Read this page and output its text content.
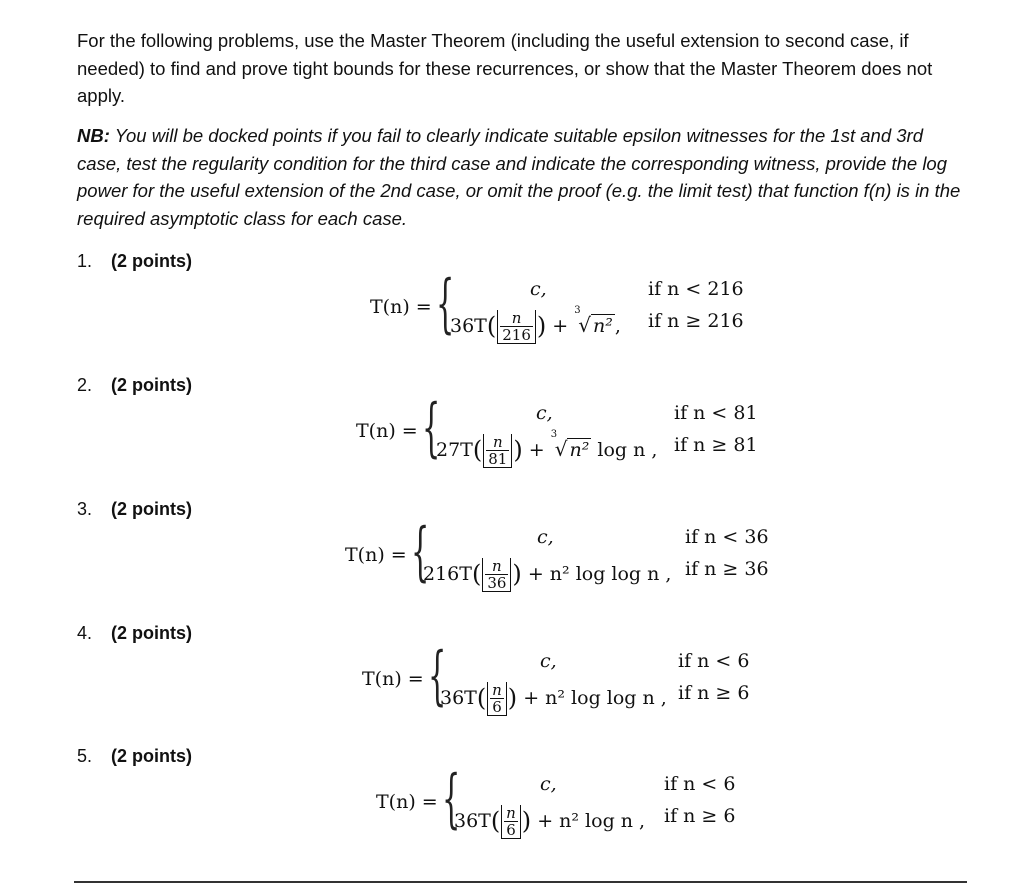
For the following problems, use the Master Theorem (including the useful extension to second case, if needed) to find and prove tight bounds for these recurrences, or show that the Master Theorem does not apply.
NB: You will be docked points if you fail to clearly indicate suitable epsilon witnesses for the 1st and 3rd case, test the regularity condition for the third case and indicate the corresponding witness, provide the log power for the useful extension of the 2nd case, or omit the proof (e.g. the limit test) that function f(n) is in the required asymptotic class for each case.
1. (2 points)
T(n) = {	c,	if n < 216
$36T( \frac{n}{216}$ ) +
3
√ n² , if n ≥ 216
2. (2 points)
T(n) = {	c,	if n < 81
$27T( \frac{n}{81}$ ) +
3
√ n² log n , if n ≥ 81
3. (2 points)
T(n) = {	c,	if n < 36
$216T( \frac{n}{36}$ ) + n² log log n , if n ≥ 36
4. (2 points)
T(n) = {	c,	if n < 6
$36T( \frac{n}{6}$ ) + n² log log n , if n ≥ 6
5. (2 points)
T(n) = {	c,	if n < 6
$36T( \frac{n}{6}$ ) + n² log n , if n ≥ 6
